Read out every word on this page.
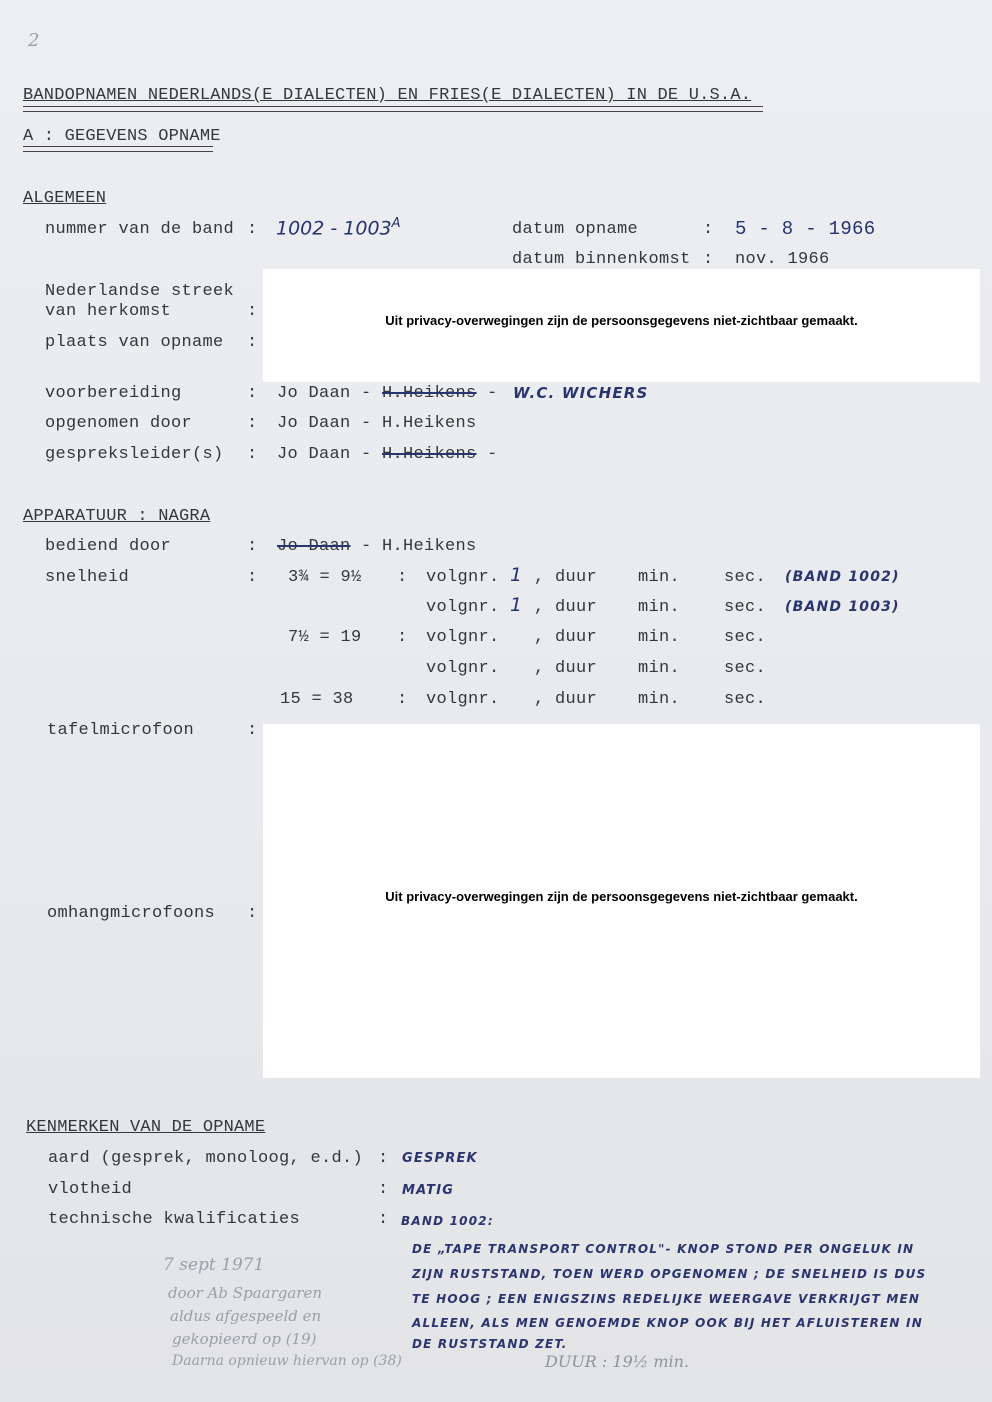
2
BANDOPNAMEN NEDERLANDS(E DIALECTEN) EN FRIES(E DIALECTEN) IN DE U.S.A.
A : GEGEVENS OPNAME
ALGEMEEN
nummer van de band : $1002 - 1003^A$	datum opname	: 5 - 8 - 1966
datum binnenkomst : nov. 1966
Nederlandse streek
van herkomst	:
plaats van opname :
Uit privacy-overwegingen zijn de persoonsgegevens niet-zichtbaar gemaakt.
voorbereiding	: Jo Daan - H.Heikens - W.C. WICHERS
opgenomen door	: Jo Daan - H.Heikens
gespreksleider(s) : Jo Daan - H.Heikens -
APPARATUUR : NAGRA
bediend door	: Jo Daan - H.Heikens
snelheid	: 3¾ = 9½ : volgnr. 1 , duur min.	sec. (BAND 1002)
volgnr. 1 , duur min.	sec. (BAND 1003)
7½ = 19 : volgnr. , duur min.	sec.
volgnr. , duur min.	sec.
15 = 38	: volgnr. , duur min.	sec.
tafelmicrofoon	:
omhangmicrofoons :
Uit privacy-overwegingen zijn de persoonsgegevens niet-zichtbaar gemaakt.
KENMERKEN VAN DE OPNAME
aard (gesprek, monoloog, e.d.) : GESPREK
vlotheid	: MATIG
technische kwalificaties	: BAND 1002:
DE „TAPE TRANSPORT CONTROL"- KNOP STOND PER ONGELUK IN
ZIJN RUSTSTAND, TOEN WERD OPGENOMEN ; DE SNELHEID IS DUS
TE HOOG ; EEN ENIGSZINS REDELIJKE WEERGAVE VERKRIJGT MEN
ALLEEN, ALS MEN GENOEMDE KNOP OOK BIJ HET AFLUISTEREN IN
DE RUSTSTAND ZET.
DUUR : 19½ min.
7 sept 1971
door Ab Spaargaren
aldus afgespeeld en
gekopieerd op (19)
Daarna opnieuw hiervan op (38)
